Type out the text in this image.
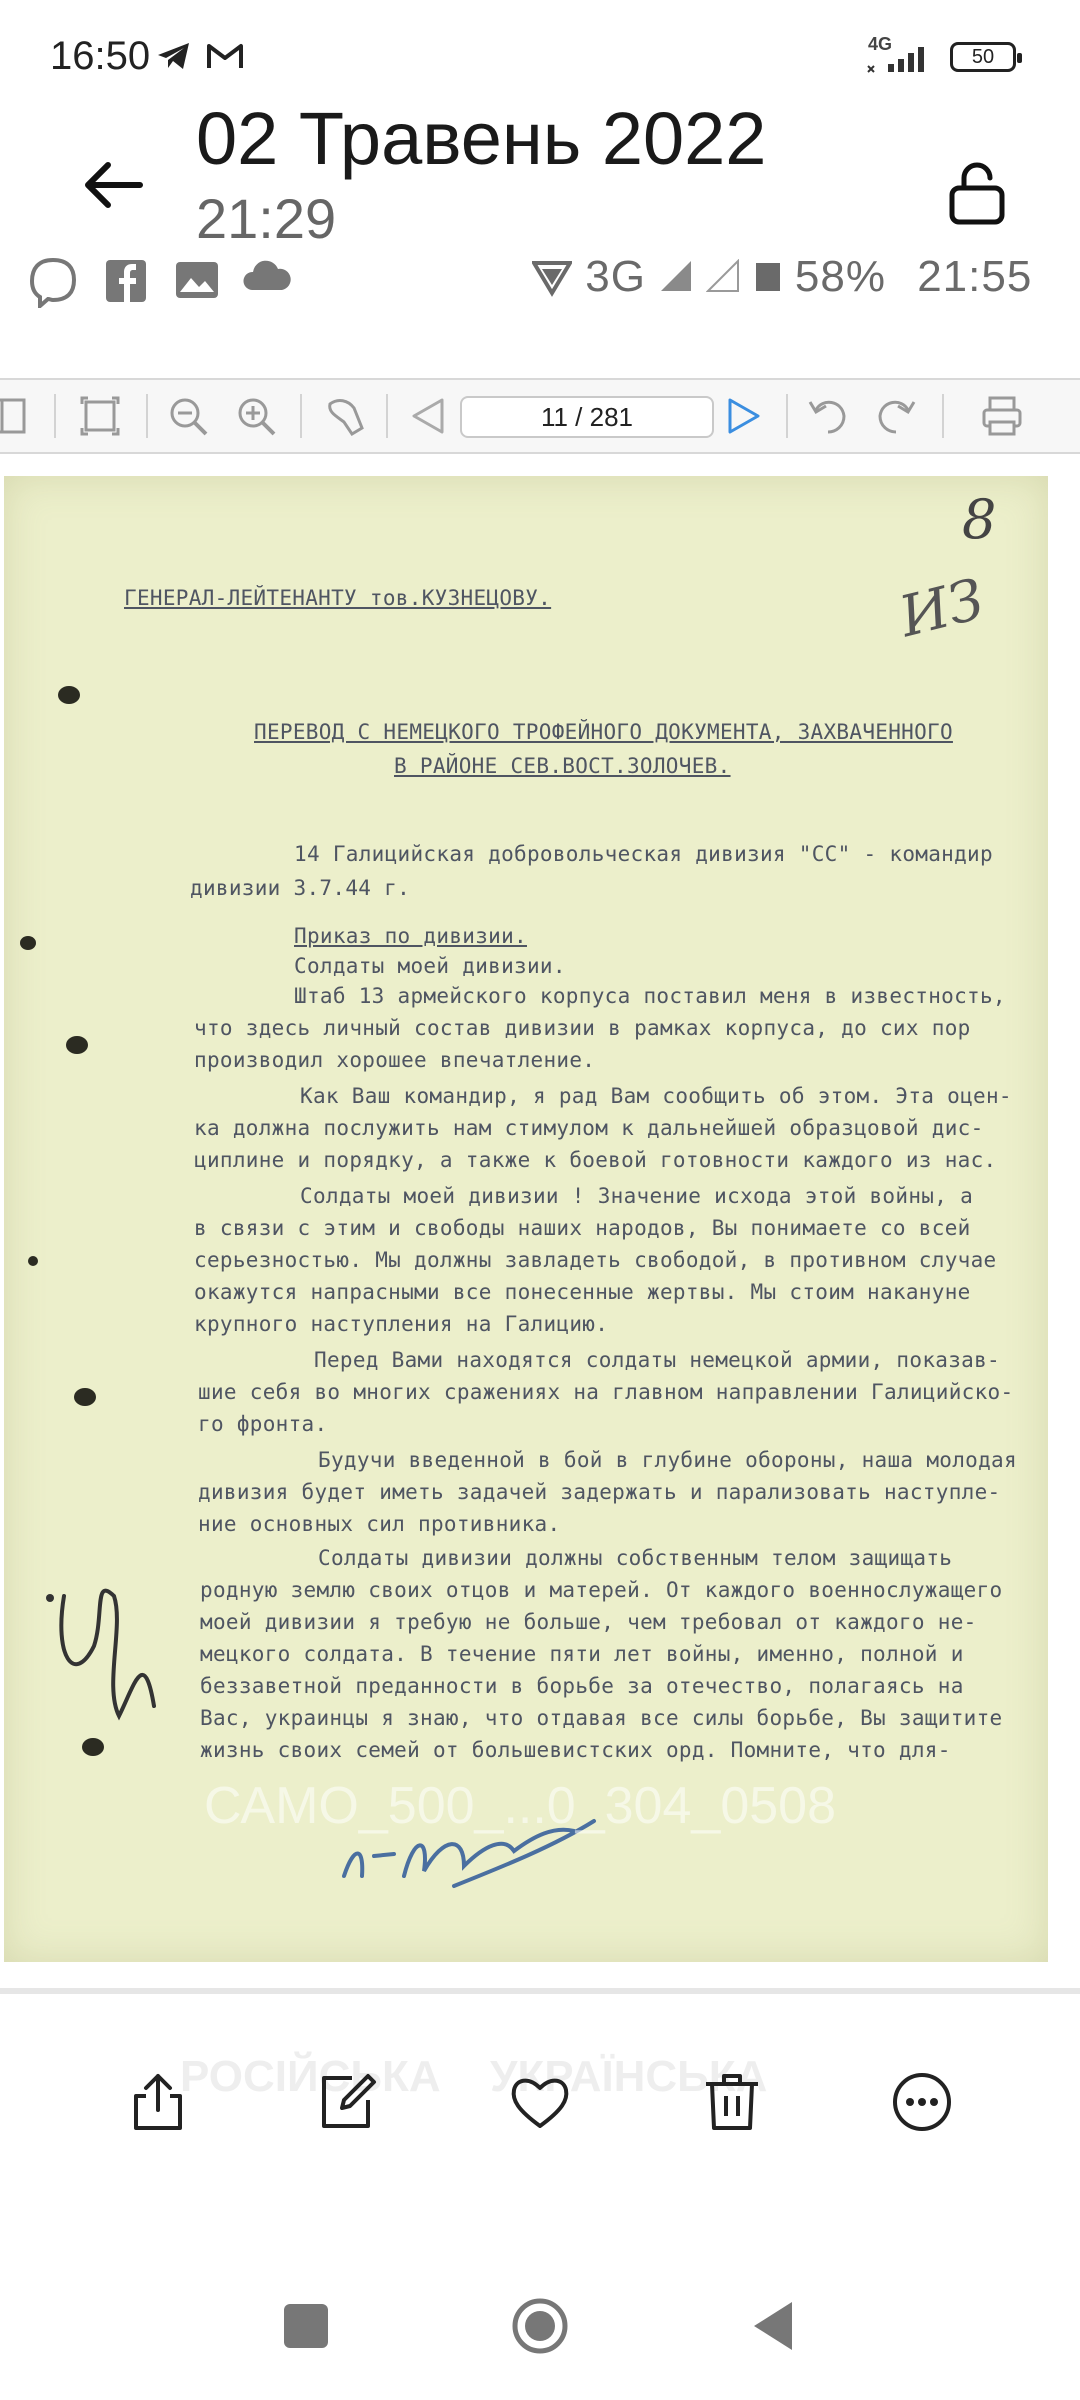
16:50	4G
50
02 Травень 2022
21:29
3G	58% 21:55
11 / 281
8
ИЗ
ГЕНЕРАЛ-ЛЕЙТЕНАНТУ тов.КУЗНЕЦОВУ.
ПЕРЕВОД С НЕМЕЦКОГО ТРОФЕЙНОГО ДОКУМЕНТА, ЗАХВАЧЕННОГО
В РАЙОНЕ СЕВ.ВОСТ.ЗОЛОЧЕВ.
14 Галицийская добровольческая дивизия "СС" - командир
дивизии 3.7.44 г.
Приказ по дивизии.
Солдаты моей дивизии.
Штаб 13 армейского корпуса поставил меня в известность,
что здесь личный состав дивизии в рамках корпуса, до сих пор
производил хорошее впечатление.
Как Ваш командир, я рад Вам сообщить об этом. Эта оцен-
ка должна послужить нам стимулом к дальнейшей образцовой дис-
циплине и порядку, а также к боевой готовности каждого из нас.
Солдаты моей дивизии ! Значение исхода этой войны, а
в связи с этим и свободы наших народов, Вы понимаете со всей
серьезностью. Мы должны завладеть свободой, в противном случае
окажутся напрасными все понесенные жертвы. Мы стоим накануне
крупного наступления на Галицию.
Перед Вами находятся солдаты немецкой армии, показав-
шие себя во многих сражениях на главном направлении Галицийско-
го фронта.
Будучи введенной в бой в глубине обороны, наша молодая
дивизия будет иметь задачей задержать и парализовать наступле-
ние основных сил противника.
Солдаты дивизии должны собственным телом защищать
родную землю своих отцов и матерей. От каждого военнослужащего
моей дивизии я требую не больше, чем требовал от каждого не-
мецкого солдата. В течение пяти лет войны, именно, полной и
беззаветной преданности в борьбе за отечество, полагаясь на
Вас, украинцы я знаю, что отдавая все силы борьбе, Вы защитите
жизнь своих семей от большевистских орд. Помните, что для-
САМО_500_...0_304_0508
РОСІЙСЬКА УКРАЇНСЬКА
